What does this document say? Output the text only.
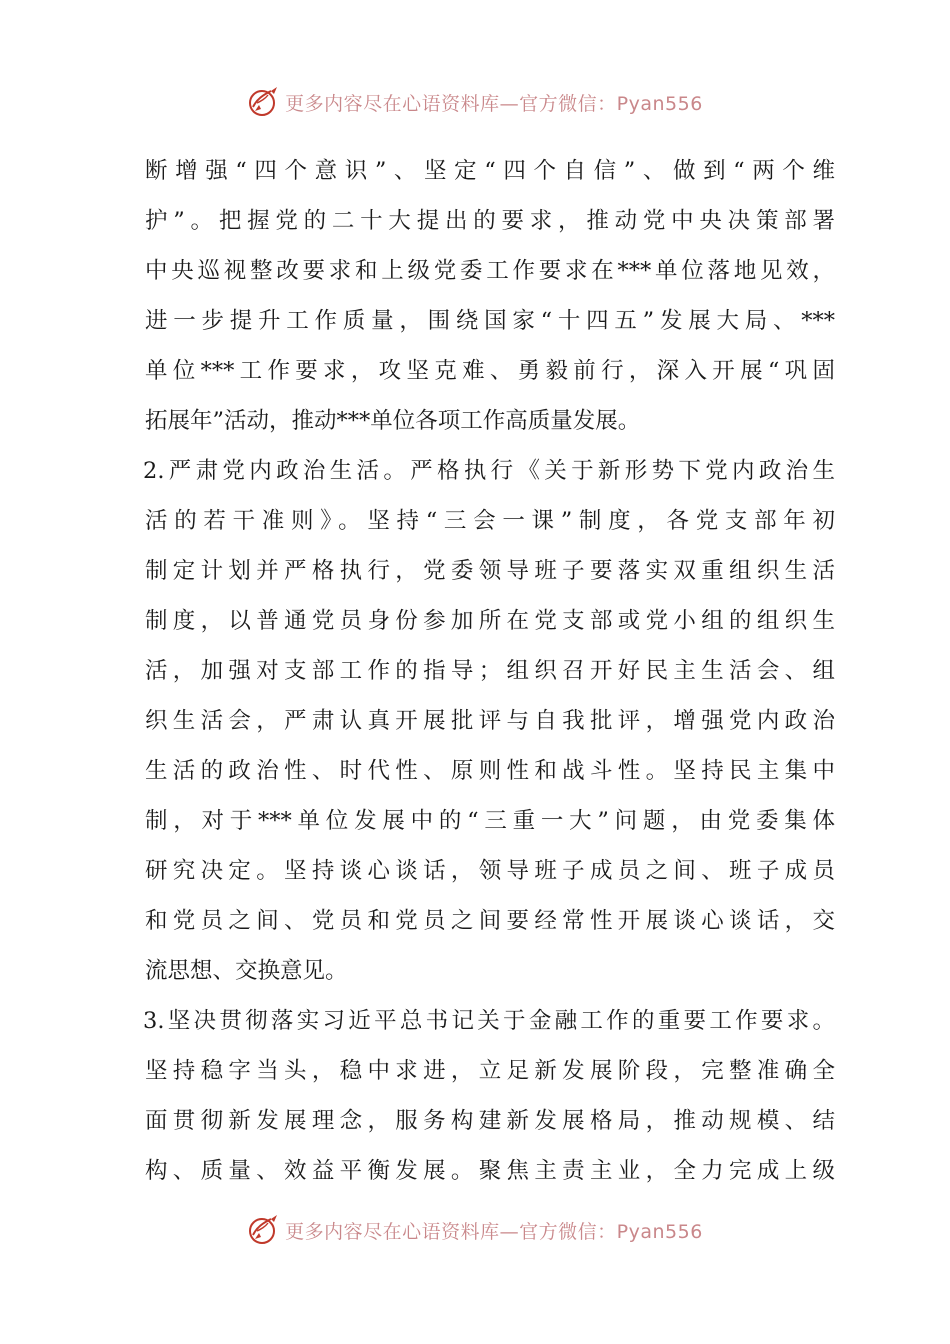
更多内容尽在心语资料库—官方微信：Pyan556
断增强“四个意识”、坚定“四个自信”、做到“两个维
护”。把握党的二十大提出的要求，推动党中央决策部署
中央巡视整改要求和上级党委工作要求在***单位落地见效，
进一步提升工作质量，围绕国家“十四五”发展大局、***
单位***工作要求，攻坚克难、勇毅前行，深入开展“巩固
拓展年”活动，推动***单位各项工作高质量发展。
2.严肃党内政治生活。严格执行《关于新形势下党内政治生
活的若干准则》。坚持“三会一课”制度，各党支部年初
制定计划并严格执行，党委领导班子要落实双重组织生活
制度，以普通党员身份参加所在党支部或党小组的组织生
活，加强对支部工作的指导；组织召开好民主生活会、组
织生活会，严肃认真开展批评与自我批评，增强党内政治
生活的政治性、时代性、原则性和战斗性。坚持民主集中
制，对于***单位发展中的“三重一大”问题，由党委集体
研究决定。坚持谈心谈话，领导班子成员之间、班子成员
和党员之间、党员和党员之间要经常性开展谈心谈话，交
流思想、交换意见。
3.坚决贯彻落实习近平总书记关于金融工作的重要工作要求。
坚持稳字当头，稳中求进，立足新发展阶段，完整准确全
面贯彻新发展理念，服务构建新发展格局，推动规模、结
构、质量、效益平衡发展。聚焦主责主业，全力完成上级
更多内容尽在心语资料库—官方微信：Pyan556
